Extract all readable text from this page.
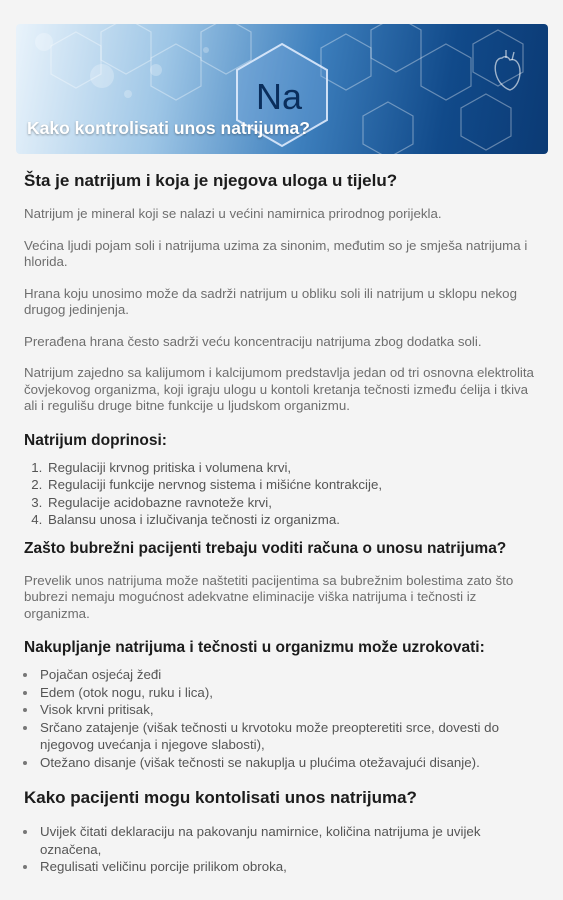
Na
Kako kontrolisati unos natrijuma?
Šta je natrijum i koja je njegova uloga u tijelu?

Natrijum je mineral koji se nalazi u većini namirnica prirodnog porijekla.

Većina ljudi pojam soli i natrijuma uzima za sinonim, međutim so je smješa natrijuma i hlorida.

Hrana koju unosimo može da sadrži natrijum u obliku soli ili natrijum u sklopu nekog drugog jedinjenja.

Prerađena hrana često sadrži veću koncentraciju natrijuma zbog dodatka soli.

Natrijum zajedno sa kalijumom i kalcijumom predstavlja jedan od tri osnovna elektrolita čovjekovog organizma, koji igraju ulogu u kontoli kretanja tečnosti između ćelija i tkiva ali i regulišu druge bitne funkcije u ljudskom organizmu.

Natrijum doprinosi:
1. Regulaciji krvnog pritiska i volumena krvi,
2. Regulaciji funkcije nervnog sistema i mišićne kontrakcije,
3. Regulacije acidobazne ravnoteže krvi,
4. Balansu unosa i izlučivanja tečnosti iz organizma.
Zašto bubrežni pacijenti trebaju voditi računa o unosu natrijuma?

Prevelik unos natrijuma može naštetiti pacijentima sa bubrežnim bolestima zato što bubrezi nemaju mogućnost adekvatne eliminacije viška natrijuma i tečnosti iz organizma.

Nakupljanje natrijuma i tečnosti u organizmu može uzrokovati:
• Pojačan osjećaj žeđi
• Edem (otok nogu, ruku i lica),
• Visok krvni pritisak,
• Srčano zatajenje (višak tečnosti u krvotoku može preopteretiti srce, dovesti do njegovog uvećanja i njegove slabosti),
• Otežano disanje (višak tečnosti se nakuplja u plućima otežavajući disanje).
Kako pacijenti mogu kontolisati unos natrijuma?
• Uvijek čitati deklaraciju na pakovanju namirnice, količina natrijuma je uvijek označena,
• Regulisati veličinu porcije prilikom obroka,
